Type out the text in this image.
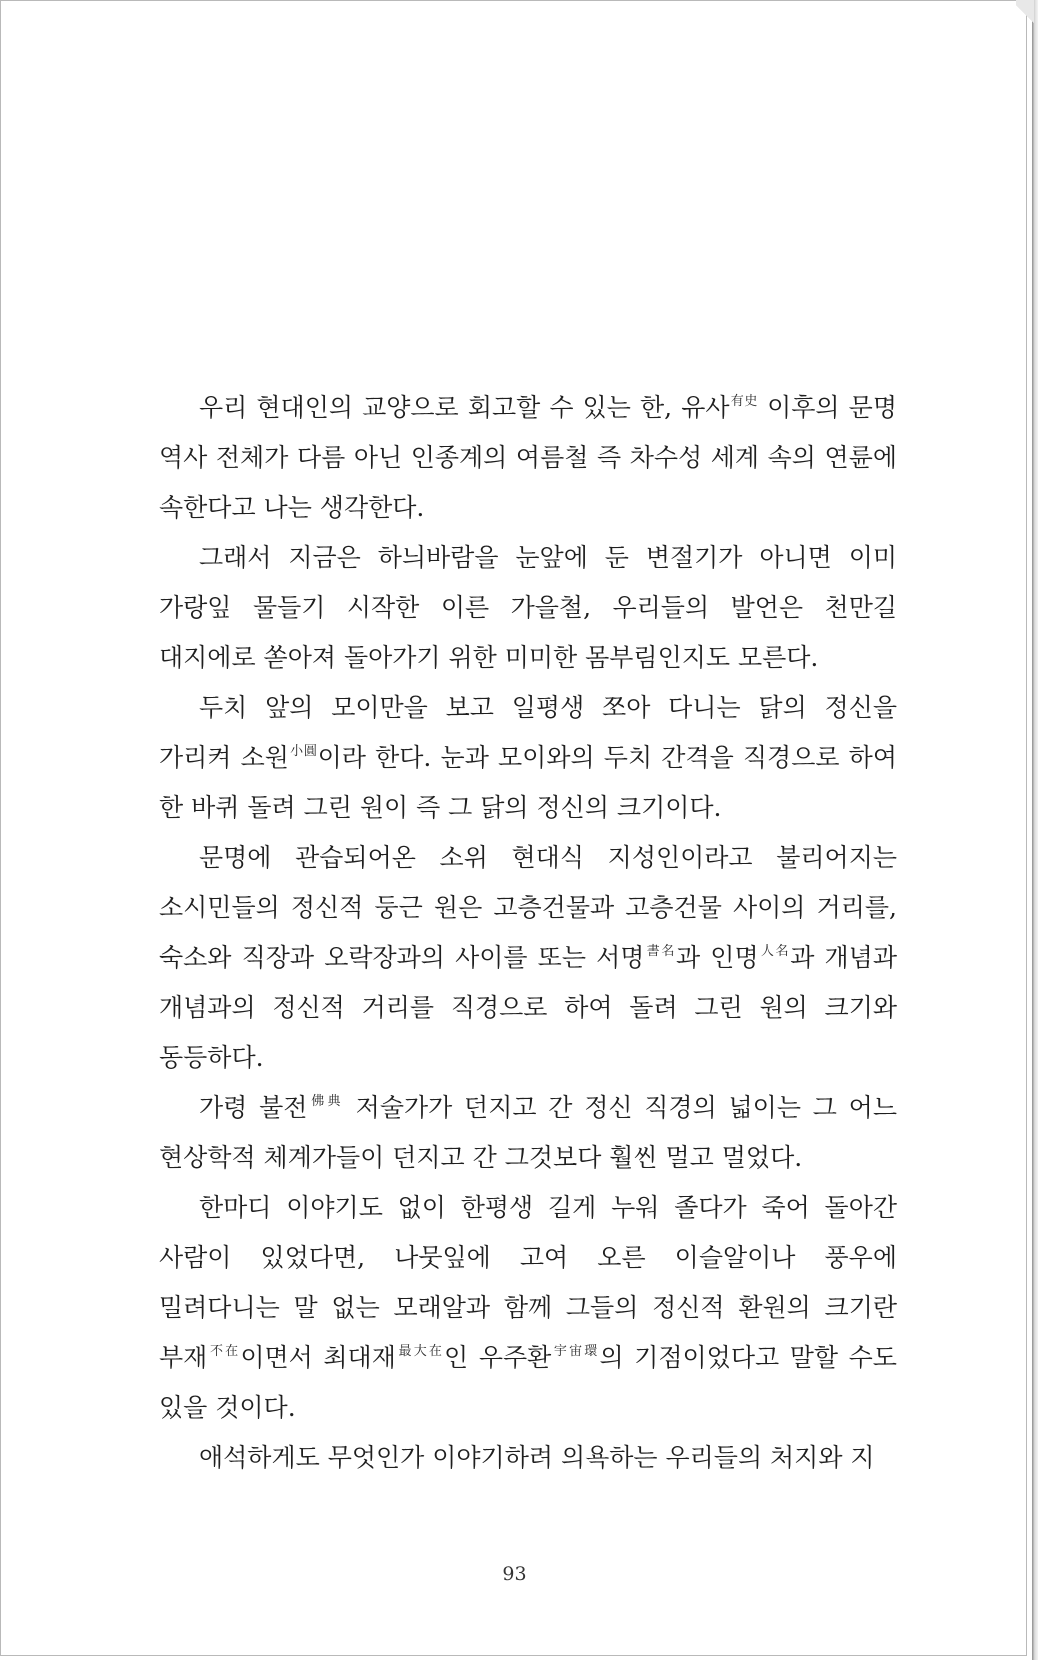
우리 현대인의 교양으로 회고할 수 있는 한, 유사$^{有史}$ 이후의 문명 역사 전체가 다름 아닌 인종계의 여름철 즉 차수성 세계 속의 연륜에 속한다고 나는 생각한다.

그래서 지금은 하늬바람을 눈앞에 둔 변절기가 아니면 이미 가랑잎 물들기 시작한 이른 가을철, 우리들의 발언은 천만길 대지에로 쏟아져 돌아가기 위한 미미한 몸부림인지도 모른다.

두치 앞의 모이만을 보고 일평생 쪼아 다니는 닭의 정신을 가리켜 소원$^{小圓}$이라 한다. 눈과 모이와의 두치 간격을 직경으로 하여 한 바퀴 돌려 그린 원이 즉 그 닭의 정신의 크기이다.

문명에 관습되어온 소위 현대식 지성인이라고 불리어지는 소시민들의 정신적 둥근 원은 고층건물과 고층건물 사이의 거리를, 숙소와 직장과 오락장과의 사이를 또는 서명$^{書名}$과 인명$^{人名}$과 개념과 개념과의 정신적 거리를 직경으로 하여 돌려 그린 원의 크기와 동등하다.

가령 불전$^{佛典}$ 저술가가 던지고 간 정신 직경의 넓이는 그 어느 현상학적 체계가들이 던지고 간 그것보다 훨씬 멀고 멀었다.

한마디 이야기도 없이 한평생 길게 누워 졸다가 죽어 돌아간 사람이 있었다면, 나뭇잎에 고여 오른 이슬알이나 풍우에 밀려다니는 말 없는 모래알과 함께 그들의 정신적 환원의 크기란 부재$^{不在}$이면서 최대재$^{最大在}$인 우주환$^{宇宙環}$의 기점이었다고 말할 수도 있을 것이다.

애석하게도 무엇인가 이야기하려 의욕하는 우리들의 처지와 지

93
